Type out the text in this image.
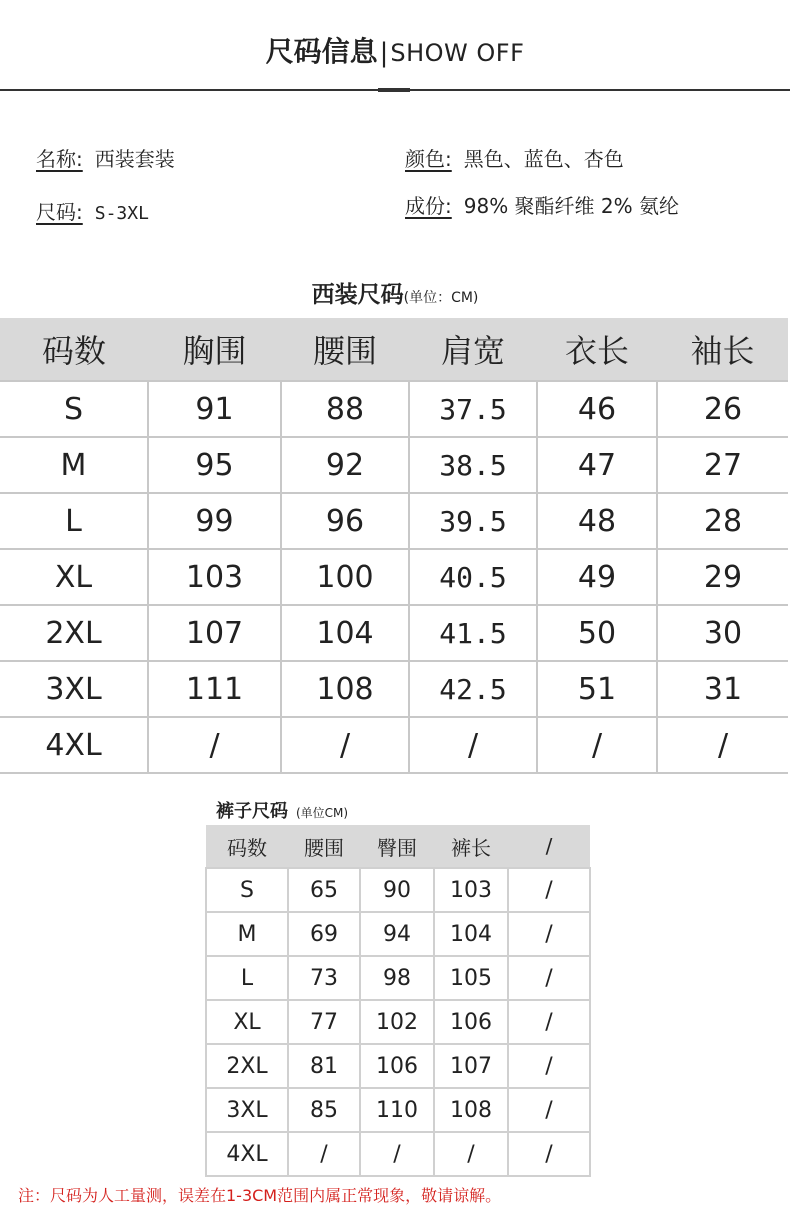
尺码信息|SHOW OFF
名称: 西装套装
尺码: S-3XL
颜色: 黑色、蓝色、杏色
成份: 98% 聚酯纤维 2% 氨纶
西装尺码(单位：CM)
码数	胸围	腰围	肩宽	衣长	袖长
S	91	88	37.5	46	26
M	95	92	38.5	47	27
L	99	96	39.5	48	28
XL	103	100	40.5	49	29
2XL	107	104	41.5	50	30
3XL	111	108	42.5	51	31
4XL	/	/	/	/	/
裤子尺码 (单位CM)
码数	腰围	臀围	裤长	/
S	65	90	103	/
M	69	94	104	/
L	73	98	105	/
XL	77	102	106	/
2XL	81	106	107	/
3XL	85	110	108	/
4XL	/	/	/	/
注：尺码为人工量测，误差在1-3CM范围内属正常现象，敬请谅解。
